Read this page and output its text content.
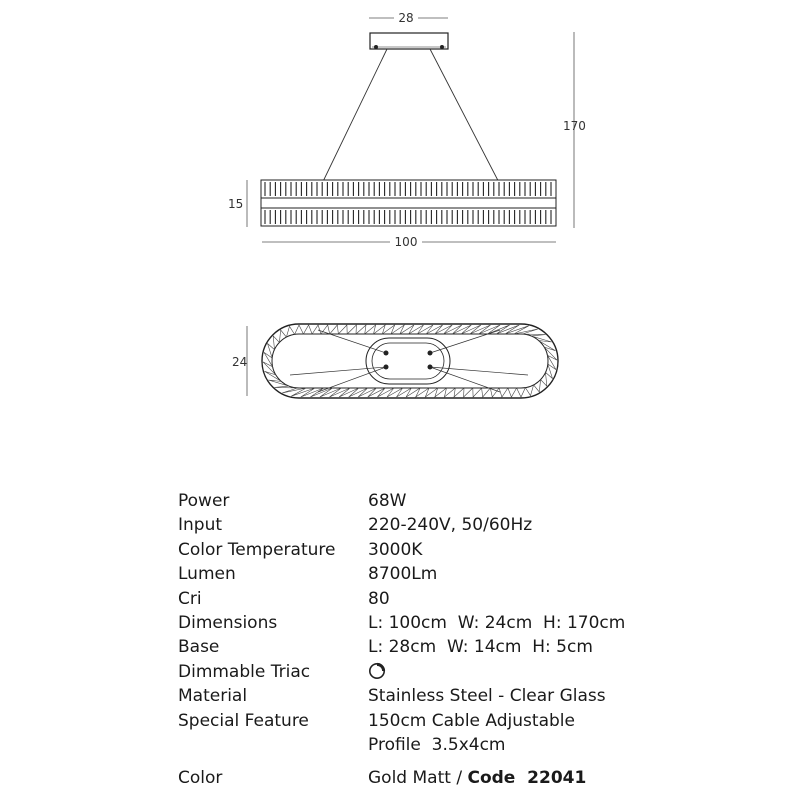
28
170
15
100
24
Power	68W
Input	220-240V, 50/60Hz
Color Temperature 3000K
Lumen	8700Lm
Cri	80
Dimensions	L: 100cm  W: 24cm  H: 170cm
Base	L: 28cm  W: 14cm  H: 5cm
Dimmable Triac
Material	Stainless Steel - Clear Glass
Special Feature	150cm Cable Adjustable
Profile  3.5x4cm
Color	Gold Matt / Code  22041
